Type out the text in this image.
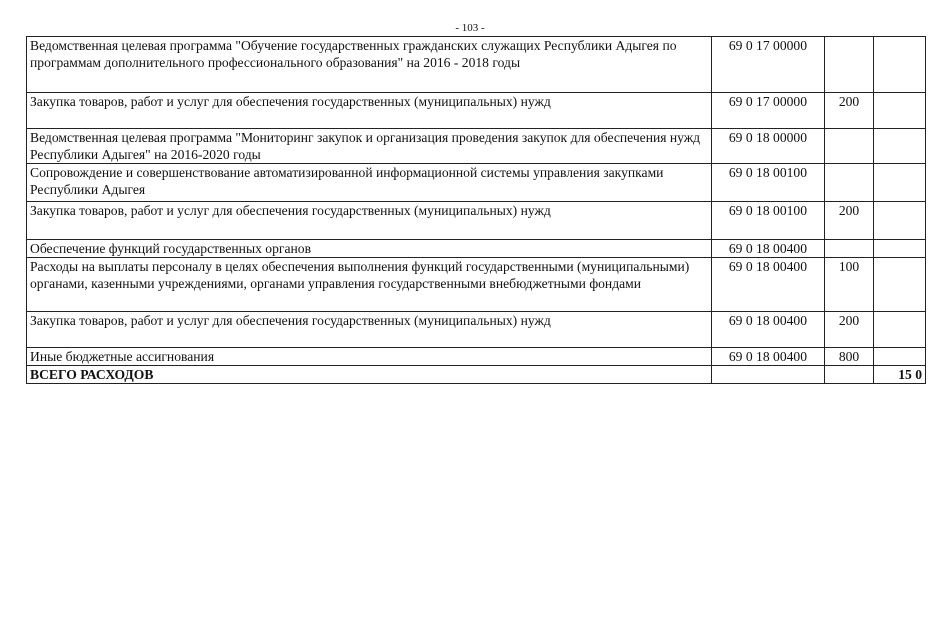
- 103 -
Ведомственная целевая программа "Обучение государственных гражданских служащих Республики Адыгея по программам дополнительного профессионального образования" на 2016 - 2018 годы	69 0 17 00000		
Закупка товаров, работ и услуг для обеспечения государственных (муниципальных) нужд	69 0 17 00000	200	
Ведомственная целевая программа "Мониторинг закупок и организация проведения закупок для обеспечения нужд Республики Адыгея" на 2016-2020 годы	69 0 18 00000		
Сопровождение и совершенствование автоматизированной информационной системы управления закупками Республики Адыгея	69 0 18 00100		
Закупка товаров, работ и услуг для обеспечения государственных (муниципальных) нужд	69 0 18 00100	200	
Обеспечение функций государственных органов	69 0 18 00400		
Расходы на выплаты персоналу в целях обеспечения выполнения функций государственными (муниципальными) органами, казенными учреждениями, органами управления государственными внебюджетными фондами	69 0 18 00400	100	
Закупка товаров, работ и услуг для обеспечения государственных (муниципальных) нужд	69 0 18 00400	200	
Иные бюджетные ассигнования	69 0 18 00400	800	
ВСЕГО РАСХОДОВ			15 0
